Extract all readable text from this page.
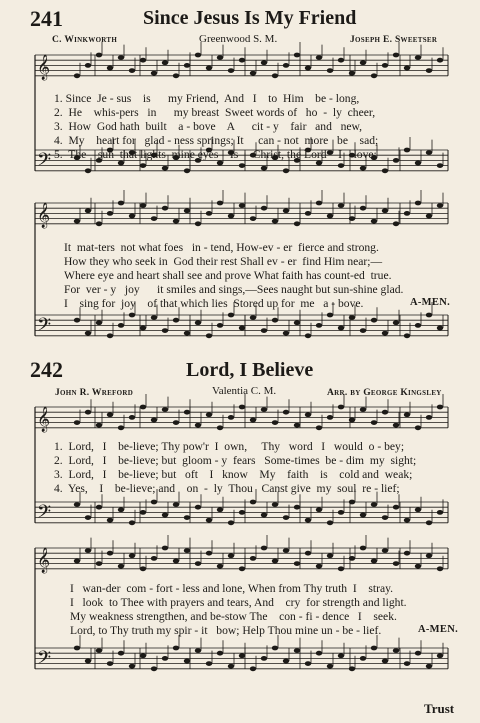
𝄞
𝄢
𝄞
𝄢
𝄞
𝄢
𝄞
𝄢
241	Since Jesus Is My Friend
C. Winkworth	Greenwood S. M.	Joseph E. Sweetser
1. Since  Je - sus    is      my Friend,  And   I    to  Him    be - long,
2.  He    whis-pers   in      my breast  Sweet words of   ho  -  ly  cheer,
3.  How  God hath  built    a - bove    A      cit - y    fair   and   new,
4.  My    heart for   glad - ness springs; It     can - not  more   be    sad;
5.  The    sun  that lights  mine eyes    Is     Christ, the Lord    I    love;
It  mat-ters  not what foes   in - tend, How-ev - er  fierce and strong.
How they who seek in  God their rest Shall ev - er  find Him near;—
Where eye and heart shall see and prove What faith has count-ed  true.
For  ver - y   joy      it smiles and sings,—Sees naught but sun-shine glad.
I    sing for  joy    of that which lies  Stored up for  me   a - bove.	A-MEN.
242	Lord, I Believe
John R. Wreford	Valentia C. M.	Arr. by George Kingsley
1.  Lord,   I    be-lieve; Thy pow'r  I  own,     Thy   word   I   would  o - bey;
2.  Lord,   I    be-lieve; but  gloom - y  fears   Some-times  be - dim  my  sight;
3.  Lord,   I    be-lieve; but   oft    I   know    My    faith    is    cold and  weak;
4.  Yes,    I    be-lieve; and    on  -  ly  Thou   Canst give  my  soul  re - lief;
I   wan-der  com - fort - less and lone, When from Thy truth  I    stray.
I   look  to Thee with prayers and tears, And    cry  for strength and light.
My weakness strengthen, and be-stow The    con - fi - dence   I    seek.
Lord, to Thy truth my spir - it   bow; Help Thou mine un - be - lief.	A-MEN.
Trust
